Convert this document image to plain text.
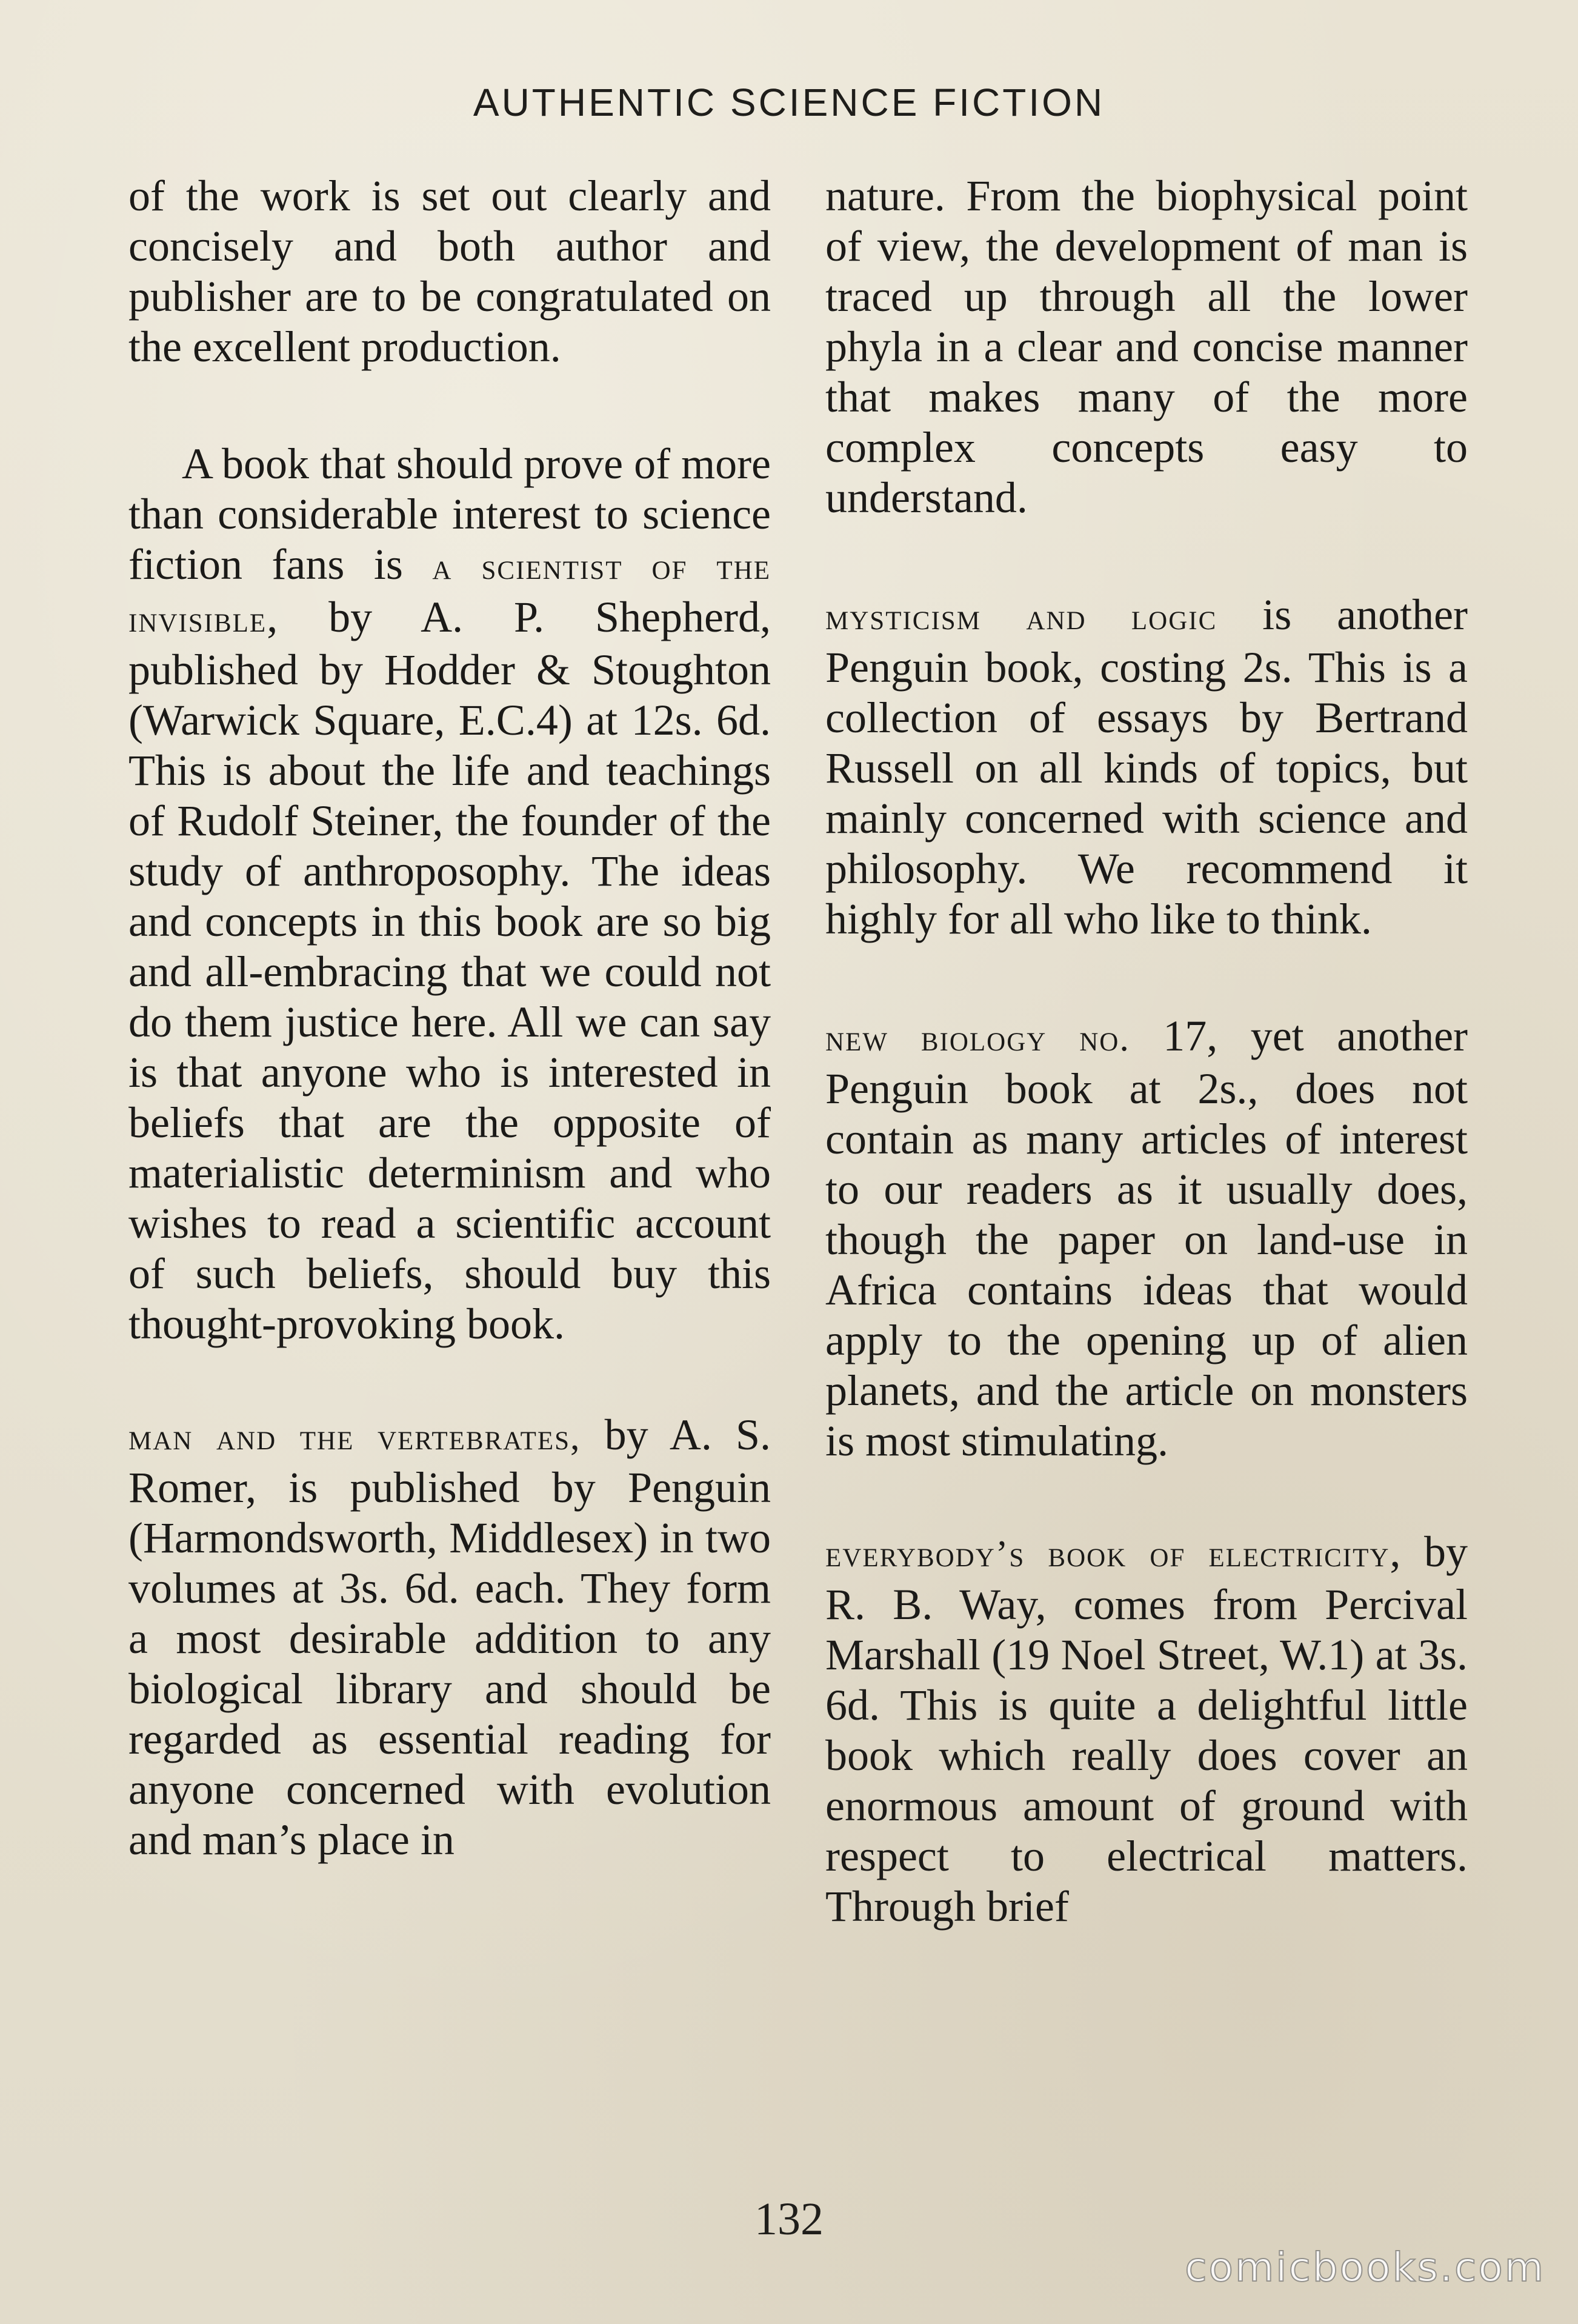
AUTHENTIC SCIENCE FICTION

of the work is set out clearly and concisely and both author and publisher are to be congratulated on the excellent production.

A book that should prove of more than considerable interest to science fiction fans is a scientist of the invisible, by A. P. Shepherd, published by Hodder & Stoughton (Warwick Square, E.C.4) at 12s. 6d. This is about the life and teachings of Rudolf Steiner, the founder of the study of anthroposophy. The ideas and concepts in this book are so big and all-embracing that we could not do them justice here. All we can say is that anyone who is interested in beliefs that are the opposite of materialistic determinism and who wishes to read a scientific account of such beliefs, should buy this thought-provoking book.

man and the vertebrates, by A. S. Romer, is published by Penguin (Harmondsworth, Middlesex) in two volumes at 3s. 6d. each. They form a most desirable addition to any biological library and should be regarded as essential reading for anyone concerned with evolution and man’s place in

nature. From the biophysical point of view, the development of man is traced up through all the lower phyla in a clear and concise manner that makes many of the more complex concepts easy to understand.

mysticism and logic is another Penguin book, costing 2s. This is a collection of essays by Bertrand Russell on all kinds of topics, but mainly concerned with science and philosophy. We recommend it highly for all who like to think.

new biology no. 17, yet another Penguin book at 2s., does not contain as many articles of interest to our readers as it usually does, though the paper on land-use in Africa contains ideas that would apply to the opening up of alien planets, and the article on monsters is most stimulating.

everybody’s book of electricity, by R. B. Way, comes from Percival Marshall (19 Noel Street, W.1) at 3s. 6d. This is quite a delightful little book which really does cover an enormous amount of ground with respect to electrical matters. Through brief

132
comicbooks.com
